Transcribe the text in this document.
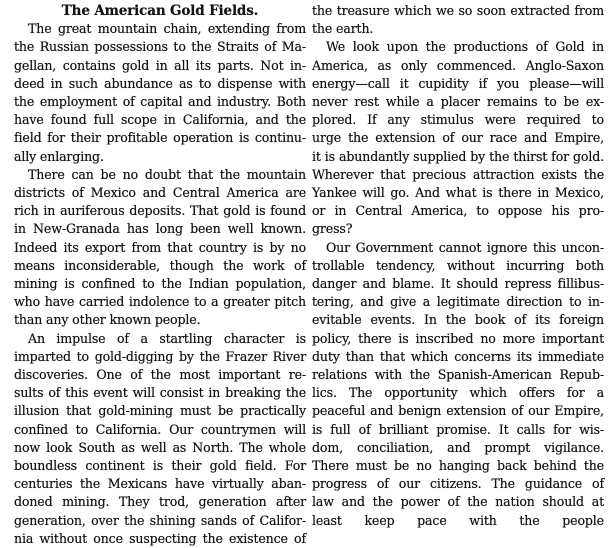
The American Gold Fields.
The great mountain chain, extending from
the Russian possessions to the Straits of Ma-
gellan, contains gold in all its parts. Not in-
deed in such abundance as to dispense with
the employment of capital and industry. Both
have found full scope in California, and the
field for their profitable operation is continu-
ally enlarging.
There can be no doubt that the mountain
districts of Mexico and Central America are
rich in auriferous deposits. That gold is found
in New-Granada has long been well known.
Indeed its export from that country is by no
means inconsiderable, though the work of
mining is confined to the Indian population,
who have carried indolence to a greater pitch
than any other known people.
An impulse of a startling character is
imparted to gold-digging by the Frazer River
discoveries. One of the most important re-
sults of this event will consist in breaking the
illusion that gold-mining must be practically
confined to California. Our countrymen will
now look South as well as North. The whole
boundless continent is their gold field. For
centuries the Mexicans have virtually aban-
doned mining. They trod, generation after
generation, over the shining sands of Califor-
nia without once suspecting the existence of
the treasure which we so soon extracted from
the earth.
We look upon the productions of Gold in
America, as only commenced. Anglo-Saxon
energy—call it cupidity if you please—will
never rest while a placer remains to be ex-
plored. If any stimulus were required to
urge the extension of our race and Empire,
it is abundantly supplied by the thirst for gold.
Wherever that precious attraction exists the
Yankee will go. And what is there in Mexico,
or in Central America, to oppose his pro-
gress?
Our Government cannot ignore this uncon-
trollable tendency, without incurring both
danger and blame. It should repress fillibus-
tering, and give a legitimate direction to in-
evitable events. In the book of its foreign
policy, there is inscribed no more important
duty than that which concerns its immediate
relations with the Spanish-American Repub-
lics. The opportunity which offers for a
peaceful and benign extension of our Empire,
is full of brilliant promise. It calls for wis-
dom, conciliation, and prompt vigilance.
There must be no hanging back behind the
progress of our citizens. The guidance of
law and the power of the nation should at
least keep pace with the people
